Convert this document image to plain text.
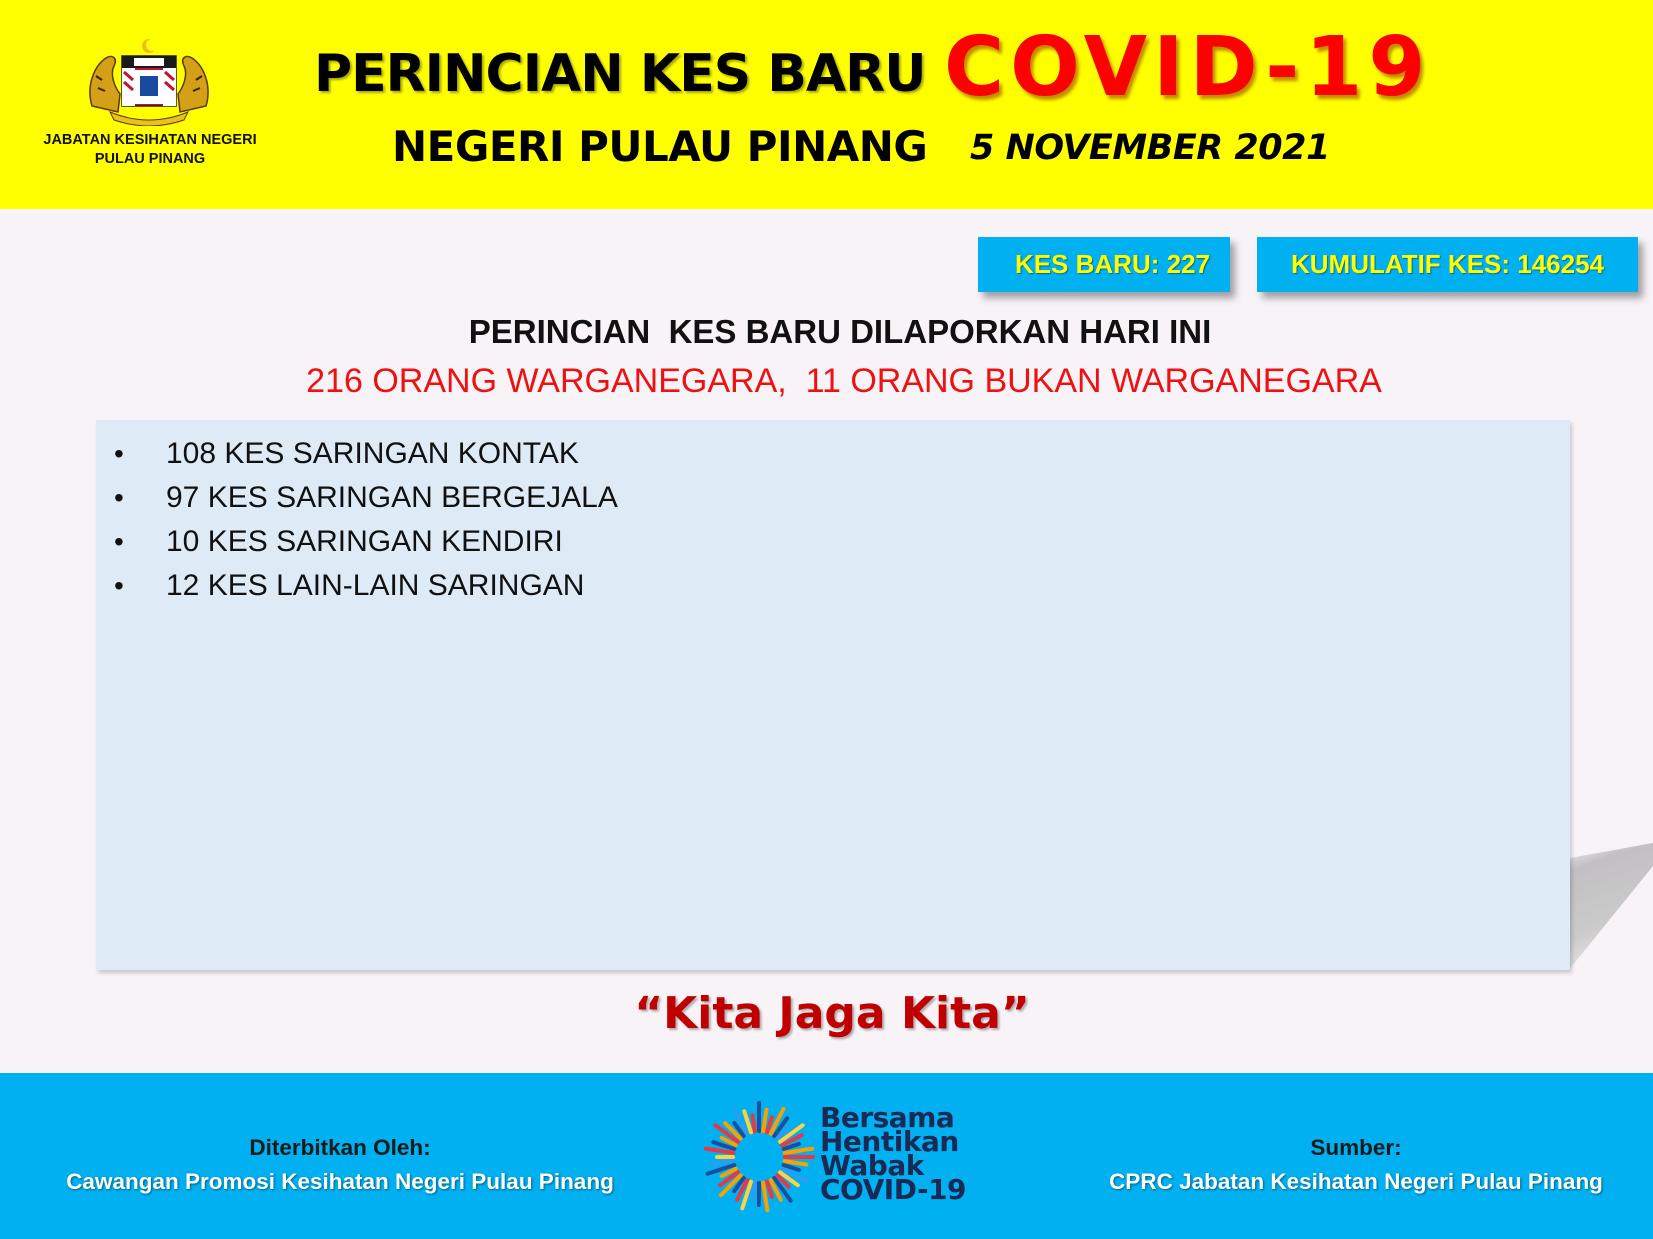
JABATAN KESIHATAN NEGERI
PULAU PINANG
PERINCIAN KES BARU COVID-19
NEGERI PULAU PINANG 5 NOVEMBER 2021
KES BARU: 227	KUMULATIF KES: 146254
PERINCIAN  KES BARU DILAPORKAN HARI INI
216 ORANG WARGANEGARA,  11 ORANG BUKAN WARGANEGARA
• 108 KES SARINGAN KONTAK
• 97 KES SARINGAN BERGEJALA
• 10 KES SARINGAN KENDIRI
• 12 KES LAIN-LAIN SARINGAN
“Kita Jaga Kita”
Diterbitkan Oleh:
Cawangan Promosi Kesihatan Negeri Pulau Pinang
Bersama
Hentikan
Wabak
COVID-19
Sumber:
CPRC Jabatan Kesihatan Negeri Pulau Pinang
